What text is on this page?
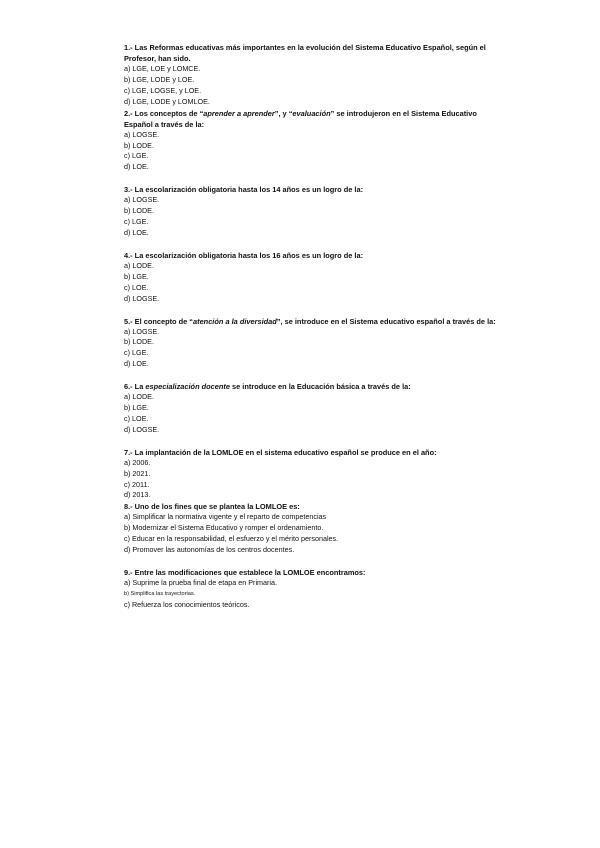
1.- Las Reformas educativas más importantes en la evolución del Sistema Educativo Español, según el Profesor, han sido.
a) LGE, LOE y LOMCE.
b) LGE, LODE y LOE.
c) LGE, LOGSE, y LOE.
d) LGE, LODE y LOMLOE.
2.- Los conceptos de “aprender a aprender”, y “evaluación” se introdujeron en el Sistema Educativo Español a través de la:
a) LOGSE.
b) LODE.
c) LGE.
d) LOE.
3.- La escolarización obligatoria hasta los 14 años es un logro de la:
a) LOGSE.
b) LODE.
c) LGE.
d) LOE.
4.- La escolarización obligatoria hasta los 16 años es un logro de la:
a) LODE.
b) LGE.
c) LOE.
d) LOGSE.
5.- El concepto de “atención a la diversidad”, se introduce en el Sistema educativo español a través de la:
a) LOGSE.
b) LODE.
c) LGE.
d) LOE.
6.- La especialización docente se introduce en la Educación básica a través de la:
a) LODE.
b) LGE.
c) LOE.
d) LOGSE.
7.- La implantación de la LOMLOE en el sistema educativo español se produce en el año:
a) 2006.
b) 2021.
c) 2011.
d) 2013.
8.- Uno de los fines que se plantea la LOMLOE es:
a) Simplificar la normativa vigente y el reparto de competencias
b) Modernizar el Sistema Educativo y romper el ordenamiento.
c) Educar en la responsabilidad, el esfuerzo y el mérito personales.
d) Promover las autonomías de los centros docentes.
9.- Entre las modificaciones que establece la LOMLOE encontramos:
a) Suprime la prueba final de etapa en Primaria.
b) Simplifica las trayectorias.
c) Refuerza los conocimientos teóricos.
